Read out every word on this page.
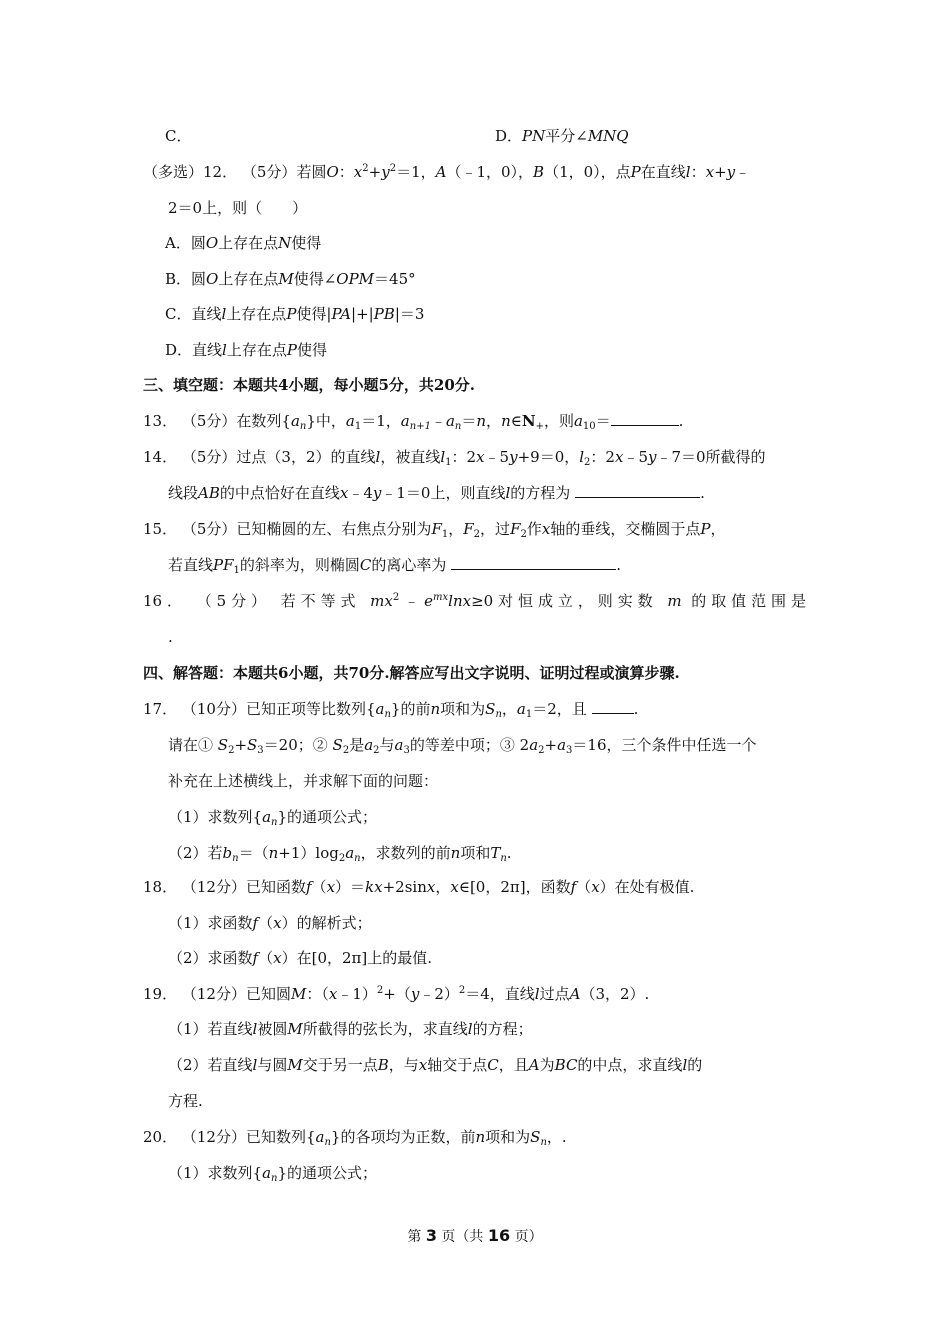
C．	D．PN平分∠MNQ
（多选）12． （5分）若圆O：$x^2+y^2=1$，A（﹣1，0），B（1，0），点P在直线l：x+y﹣
2＝0上，则（　　）
A．圆O上存在点N使得
B．圆O上存在点M使得∠OPM＝45°
C．直线l上存在点P使得|PA|+|PB|＝3
D．直线l上存在点P使得
三、填空题：本题共4小题，每小题5分，共20分.
13． （5分）在数列$\{a_n\}$中，$a_1=1$，$a_{n+1}﹣a_n=n$，$n\in N_+$，则$a_{10}=$	.
14． （5分）过点（3，2）的直线l，被直线$l_1$：2x﹣5y+9＝0，$l_2$：2x﹣5y﹣7＝0所截得的
线段AB的中点恰好在直线x﹣4y﹣1＝0上，则直线l的方程为	.
15． （5分）已知椭圆的左、右焦点分别为$F_1$，$F_2$，过$F_2$作x轴的垂线，交椭圆于点P，
若直线$PF_1$的斜率为，则椭圆C的离心率为	.
16． （5分） 若不等式 $mx^2﹣e^{mx}\ln x\ge 0$对恒成立，则实数 m 的取值范围是
.
四、解答题：本题共6小题，共70分.解答应写出文字说明、证明过程或演算步骤.
17． （10分）已知正项等比数列$\{a_n\}$的前n项和为$S_n$，$a_1=2$，且	.
请在① $S_2+S_3=20$；② $S_2$是$a_2$与$a_3$的等差中项；③ $2a_2+a_3=16$，三个条件中任选一个
补充在上述横线上，并求解下面的问题：
（1）求数列$\{a_n\}$的通项公式；
（2）若$b_n=(n+1)\log_2a_n$，求数列的前n项和$T_n$.
18． （12分）已知函数f（x）＝kx+2sinx，x∈[0，2π]，函数f（x）在处有极值.
（1）求函数f（x）的解析式；
（2）求函数f（x）在[0，2π]上的最值.
19． （12分）已知圆M：（x﹣1）$^2$+（y﹣2）$^2$＝4，直线l过点A（3，2）.
（1）若直线l被圆M所截得的弦长为，求直线l的方程；
（2）若直线l与圆M交于另一点B，与x轴交于点C，且A为BC的中点，求直线l的
方程.
20． （12分）已知数列$\{a_n\}$的各项均为正数，前n项和为$S_n$，.
（1）求数列$\{a_n\}$的通项公式；
第 3 页（共 16 页）
